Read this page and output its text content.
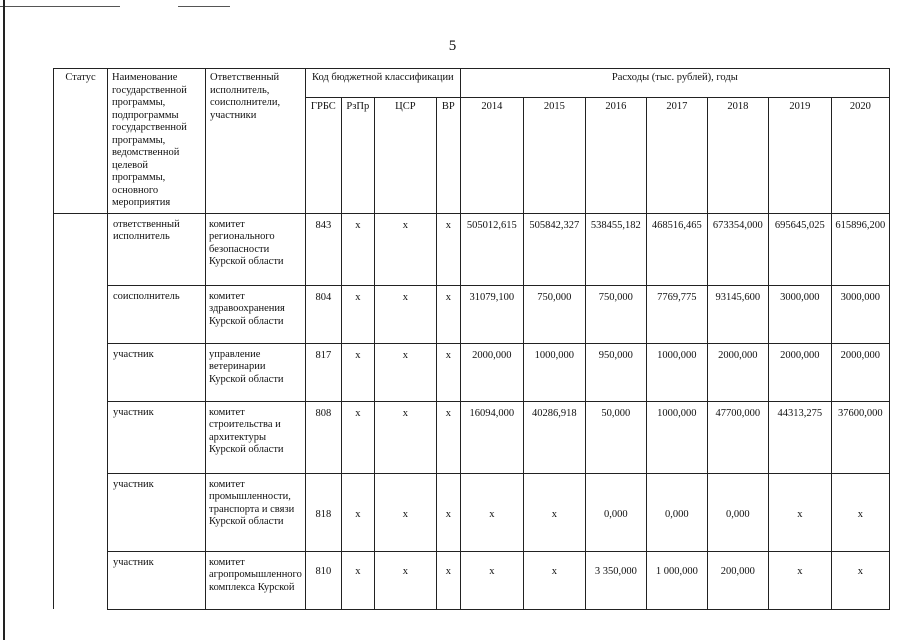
5
Статус	Наименование государственной программы, подпрограммы государственной программы, ведомственной целевой программы, основного мероприятия	Ответственный исполнитель, соисполнители, участники	Код бюджетной классификации				Расходы (тыс. рублей), годы						
			ГРБС	РзПр	ЦСР	ВР	2014	2015	2016	2017	2018	2019	2020
	ответственный исполнитель	комитет регионального безопасности Курской области	843	x	x	x	505012,615	505842,327	538455,182	468516,465	673354,000	695645,025	615896,200
	соисполнитель	комитет здравоохранения Курской области	804	x	x	x	31079,100	750,000	750,000	7769,775	93145,600	3000,000	3000,000
	участник	управление ветеринарии Курской области	817	x	x	x	2000,000	1000,000	950,000	1000,000	2000,000	2000,000	2000,000
	участник	комитет строительства и архитектуры Курской области	808	x	x	x	16094,000	40286,918	50,000	1000,000	47700,000	44313,275	37600,000
	участник	комитет промышленности, транспорта и связи Курской области	818	x	x	x	x	x	0,000	0,000	0,000	x	x
	участник	комитет агропромышленного комплекса Курской	810	x	x	x	x	x	3 350,000	1 000,000	200,000	x	x
